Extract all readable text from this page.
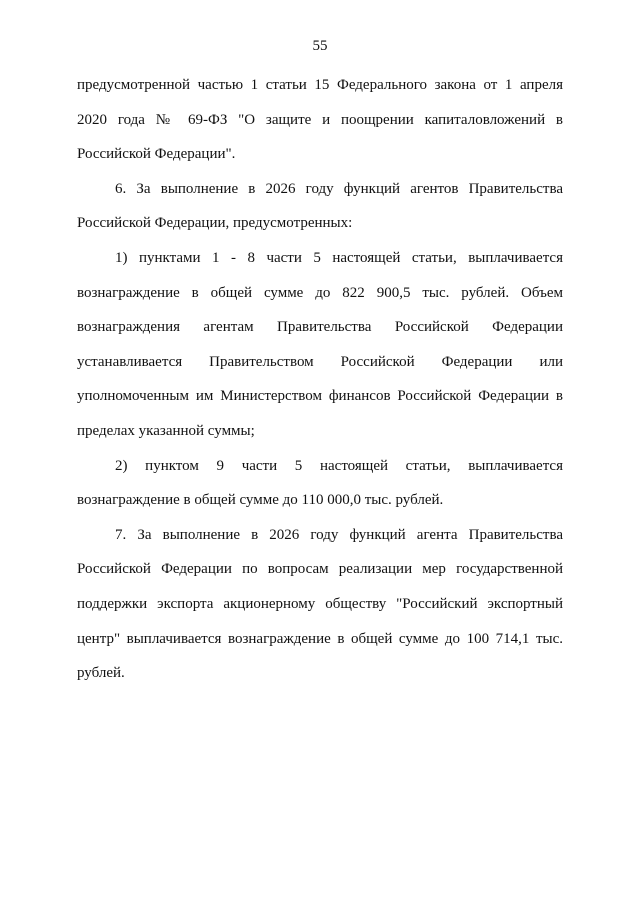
55
предусмотренной частью 1 статьи 15 Федерального закона от 1 апреля
2020 года № 69-ФЗ "О защите и поощрении капиталовложений в
Российской Федерации".
6. За выполнение в 2026 году функций агентов Правительства
Российской Федерации, предусмотренных:
1) пунктами 1 - 8 части 5 настоящей статьи, выплачивается
вознаграждение в общей сумме до 822 900,5 тыс. рублей. Объем
вознаграждения агентам Правительства Российской Федерации
устанавливается Правительством Российской Федерации или
уполномоченным им Министерством финансов Российской Федерации в
пределах указанной суммы;
2) пунктом 9 части 5 настоящей статьи, выплачивается
вознаграждение в общей сумме до 110 000,0 тыс. рублей.
7. За выполнение в 2026 году функций агента Правительства
Российской Федерации по вопросам реализации мер государственной
поддержки экспорта акционерному обществу "Российский экспортный
центр" выплачивается вознаграждение в общей сумме до 100 714,1 тыс.
рублей.
